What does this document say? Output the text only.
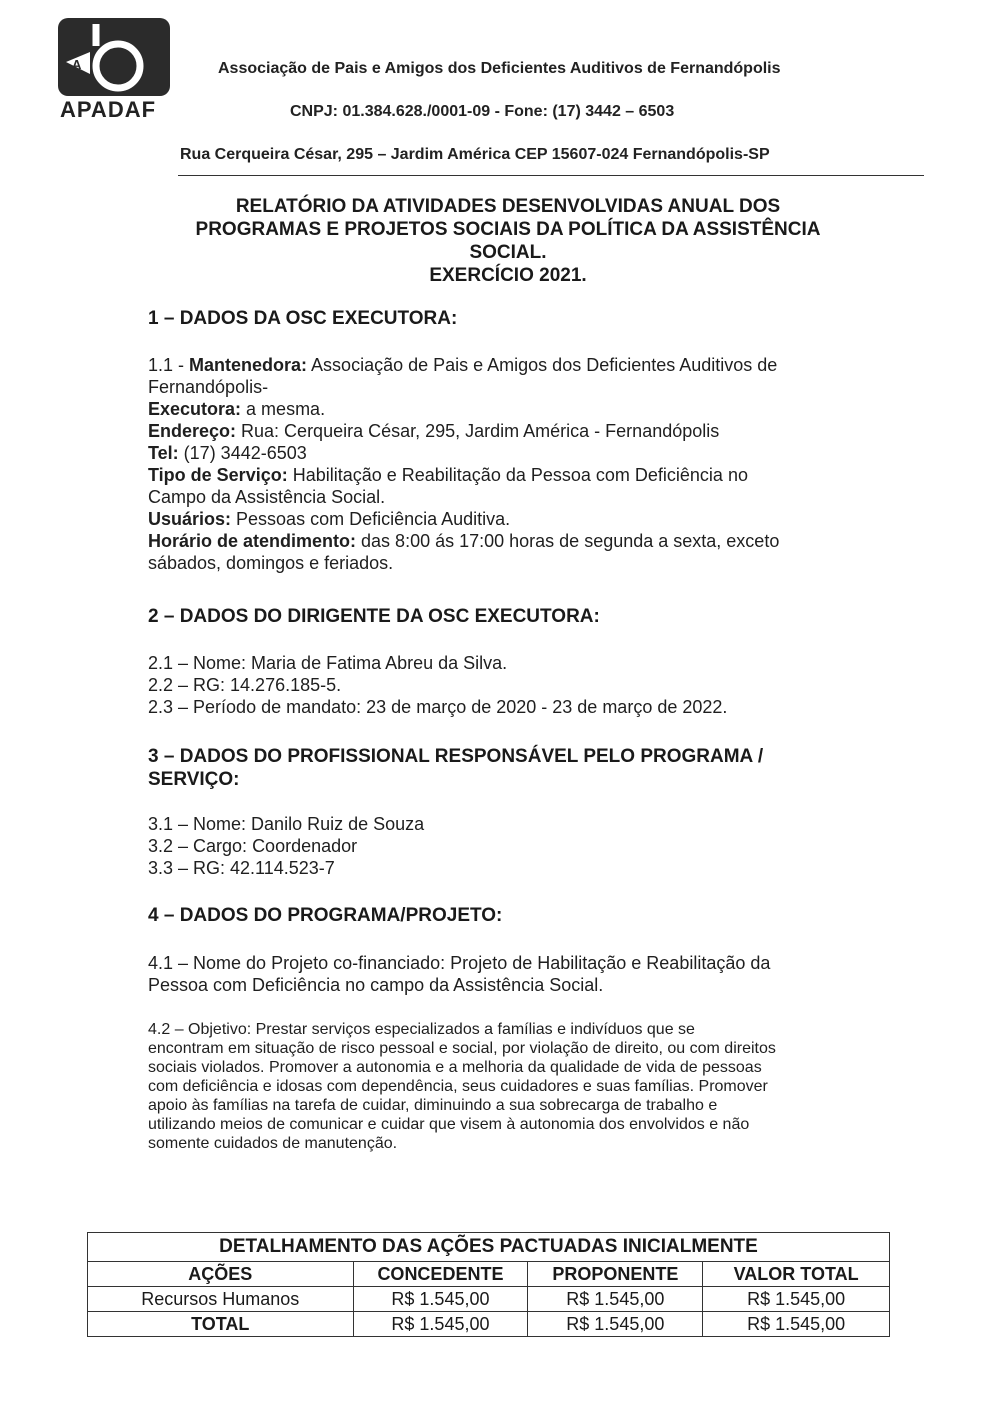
A
APADAF
Associação de Pais e Amigos dos Deficientes Auditivos de Fernandópolis
CNPJ: 01.384.628./0001-09 - Fone: (17) 3442 – 6503
Rua Cerqueira César, 295 – Jardim América CEP 15607-024 Fernandópolis-SP
RELATÓRIO DA ATIVIDADES DESENVOLVIDAS ANUAL DOS
PROGRAMAS E PROJETOS SOCIAIS DA POLÍTICA DA ASSISTÊNCIA
SOCIAL.
EXERCÍCIO 2021.
1 – DADOS DA OSC EXECUTORA:
1.1 - Mantenedora: Associação de Pais e Amigos dos Deficientes Auditivos de
Fernandópolis-
Executora: a mesma.
Endereço: Rua: Cerqueira César, 295, Jardim América - Fernandópolis
Tel: (17) 3442-6503
Tipo de Serviço: Habilitação e Reabilitação da Pessoa com Deficiência no
Campo da Assistência Social.
Usuários: Pessoas com Deficiência Auditiva.
Horário de atendimento: das 8:00 ás 17:00 horas de segunda a sexta, exceto
sábados, domingos e feriados.
2 – DADOS DO DIRIGENTE DA OSC EXECUTORA:
2.1 – Nome: Maria de Fatima Abreu da Silva.
2.2 – RG: 14.276.185-5.
2.3 – Período de mandato: 23 de março de 2020 - 23 de março de 2022.
3 – DADOS DO PROFISSIONAL RESPONSÁVEL PELO PROGRAMA /
SERVIÇO:
3.1 – Nome: Danilo Ruiz de Souza
3.2 – Cargo: Coordenador
3.3 – RG: 42.114.523-7
4 – DADOS DO PROGRAMA/PROJETO:
4.1 – Nome do Projeto co-financiado: Projeto de Habilitação e Reabilitação da
Pessoa com Deficiência no campo da Assistência Social.
4.2 – Objetivo: Prestar serviços especializados a famílias e indivíduos que se
encontram em situação de risco pessoal e social, por violação de direito, ou com direitos
sociais violados. Promover a autonomia e a melhoria da qualidade de vida de pessoas
com deficiência e idosas com dependência, seus cuidadores e suas famílias. Promover
apoio às famílias na tarefa de cuidar, diminuindo a sua sobrecarga de trabalho e
utilizando meios de comunicar e cuidar que visem à autonomia dos envolvidos e não
somente cuidados de manutenção.
DETALHAMENTO DAS AÇÕES PACTUADAS INICIALMENTE			
AÇÕES	CONCEDENTE	PROPONENTE	VALOR TOTAL
Recursos Humanos	R$ 1.545,00	R$ 1.545,00	R$ 1.545,00
TOTAL	R$ 1.545,00	R$ 1.545,00	R$ 1.545,00
